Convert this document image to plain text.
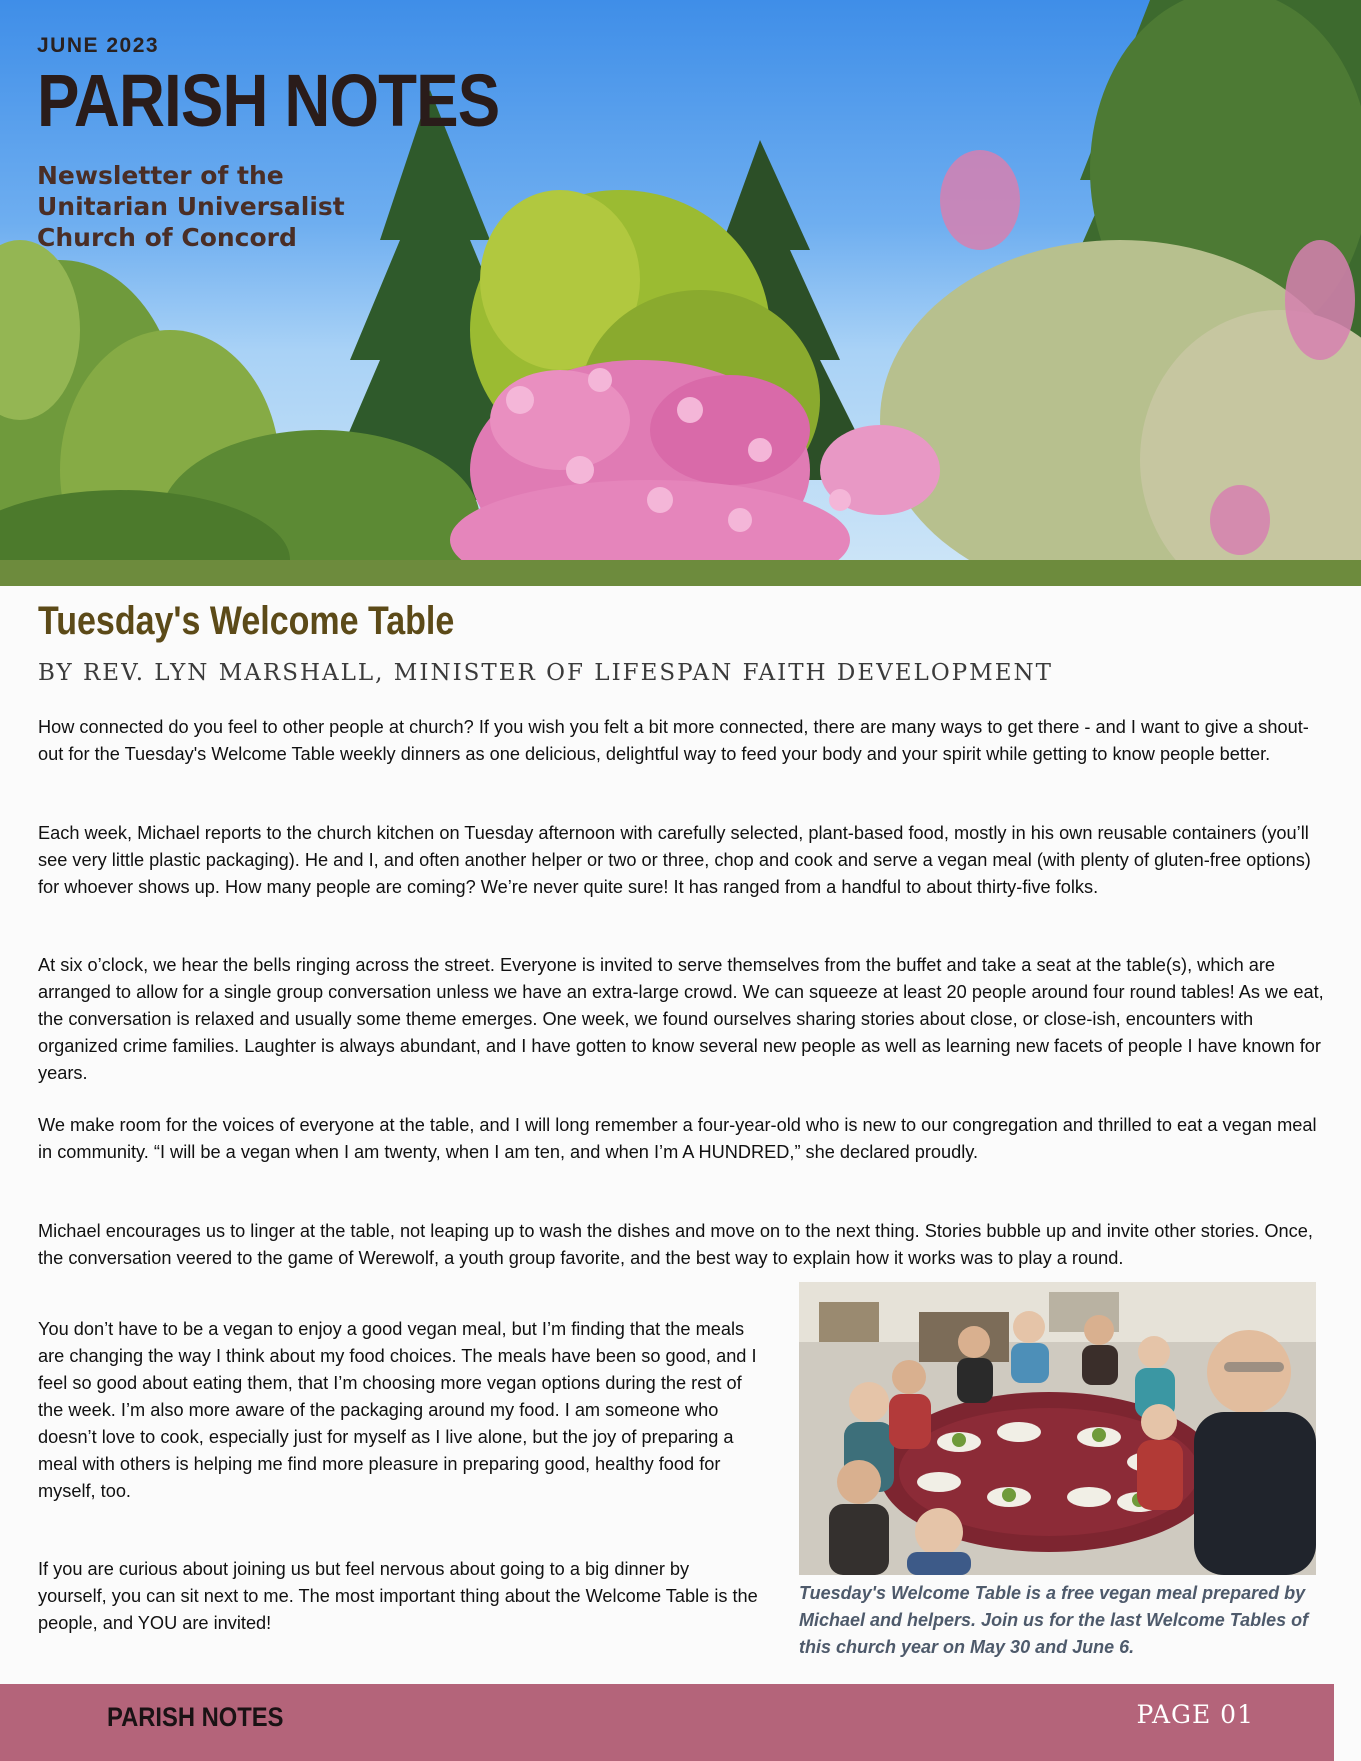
JUNE 2023
PARISH NOTES
Newsletter of the
Unitarian Universalist
Church of Concord
Tuesday's Welcome Table
BY REV. LYN MARSHALL, MINISTER OF LIFESPAN FAITH DEVELOPMENT

How connected do you feel to other people at church? If you wish you felt a bit more connected, there are many ways to get there - and I want to give a shout-out for the Tuesday's Welcome Table weekly dinners as one delicious, delightful way to feed your body and your spirit while getting to know people better.

Each week, Michael reports to the church kitchen on Tuesday afternoon with carefully selected, plant-based food, mostly in his own reusable containers (you’ll see very little plastic packaging). He and I, and often another helper or two or three, chop and cook and serve a vegan meal (with plenty of gluten-free options) for whoever shows up. How many people are coming? We’re never quite sure! It has ranged from a handful to about thirty-five folks.

At six o’clock, we hear the bells ringing across the street. Everyone is invited to serve themselves from the buffet and take a seat at the table(s), which are arranged to allow for a single group conversation unless we have an extra-large crowd. We can squeeze at least 20 people around four round tables! As we eat, the conversation is relaxed and usually some theme emerges. One week, we found ourselves sharing stories about close, or close-ish, encounters with organized crime families. Laughter is always abundant, and I have gotten to know several new people as well as learning new facets of people I have known for years.

We make room for the voices of everyone at the table, and I will long remember a four-year-old who is new to our congregation and thrilled to eat a vegan meal in community. “I will be a vegan when I am twenty, when I am ten, and when I’m A HUNDRED,” she declared proudly.

Michael encourages us to linger at the table, not leaping up to wash the dishes and move on to the next thing. Stories bubble up and invite other stories. Once, the conversation veered to the game of Werewolf, a youth group favorite, and the best way to explain how it works was to play a round.

You don’t have to be a vegan to enjoy a good vegan meal, but I’m finding that the meals are changing the way I think about my food choices. The meals have been so good, and I feel so good about eating them, that I’m choosing more vegan options during the rest of the week. I’m also more aware of the packaging around my food. I am someone who doesn’t love to cook, especially just for myself as I live alone, but the joy of preparing a meal with others is helping me find more pleasure in preparing good, healthy food for myself, too.

If you are curious about joining us but feel nervous about going to a big dinner by yourself, you can sit next to me. The most important thing about the Welcome Table is the people, and YOU are invited!

Tuesday's Welcome Table is a free vegan meal prepared by Michael and helpers. Join us for the last Welcome Tables of this church year on May 30 and June 6.
PARISH NOTES	PAGE 01
